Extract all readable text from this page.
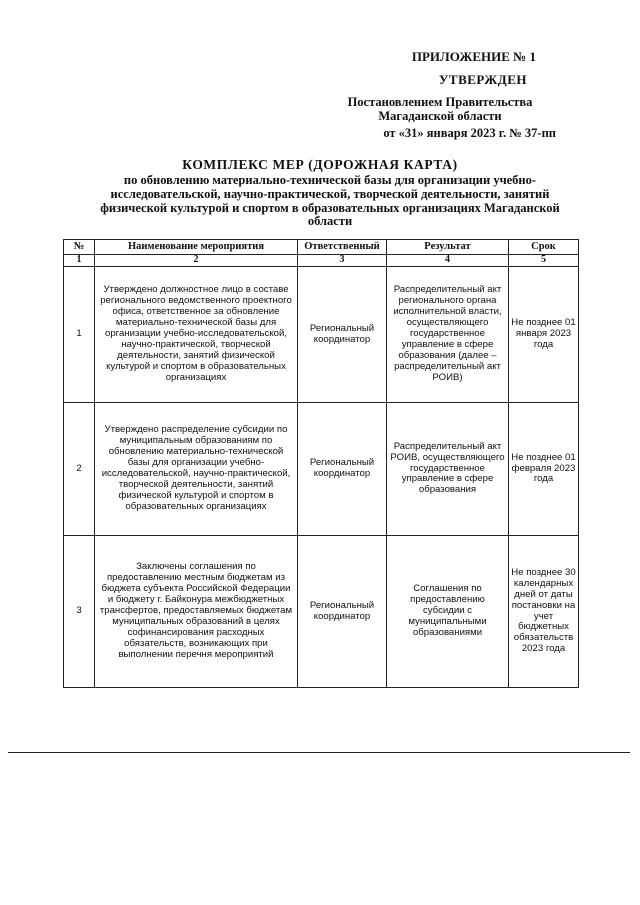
ПРИЛОЖЕНИЕ № 1
УТВЕРЖДЕН
Постановлением Правительства Магаданской области
от «31» января 2023 г. № 37-пп
КОМПЛЕКС МЕР (ДОРОЖНАЯ КАРТА)
по обновлению материально-технической базы для организации учебно-исследовательской, научно-практической, творческой деятельности, занятий физической культурой и спортом в образовательных организациях Магаданской области
№	Наименование мероприятия	Ответственный	Результат	Срок
1	2	3	4	5
1	Утверждено должностное лицо в составе регионального ведомственного проектного офиса, ответственное за обновление материально-технической базы для организации учебно-исследовательской, научно-практической, творческой деятельности, занятий физической культурой и спортом в образовательных организациях	Региональный координатор	Распределительный акт регионального органа исполнительной власти, осуществляющего государственное управление в сфере образования (далее – распределительный акт РОИВ)	Не позднее 01 января 2023 года
2	Утверждено распределение субсидии по муниципальным образованиям по обновлению материально-технической базы для организации учебно-исследовательской, научно-практической, творческой деятельности, занятий физической культурой и спортом в образовательных организациях	Региональный координатор	Распределительный акт РОИВ, осуществляющего государственное управление в сфере образования	Не позднее 01 февраля 2023 года
3	Заключены соглашения по предоставлению местным бюджетам из бюджета субъекта Российской Федерации и бюджету г. Байконура межбюджетных трансфертов, предоставляемых бюджетам муниципальных образований в целях софинансирования расходных обязательств, возникающих при выполнении перечня мероприятий	Региональный координатор	Соглашения по предоставлению субсидии с муниципальными образованиями	Не позднее 30 календарных дней от даты постановки на учет бюджетных обязательств 2023 года
